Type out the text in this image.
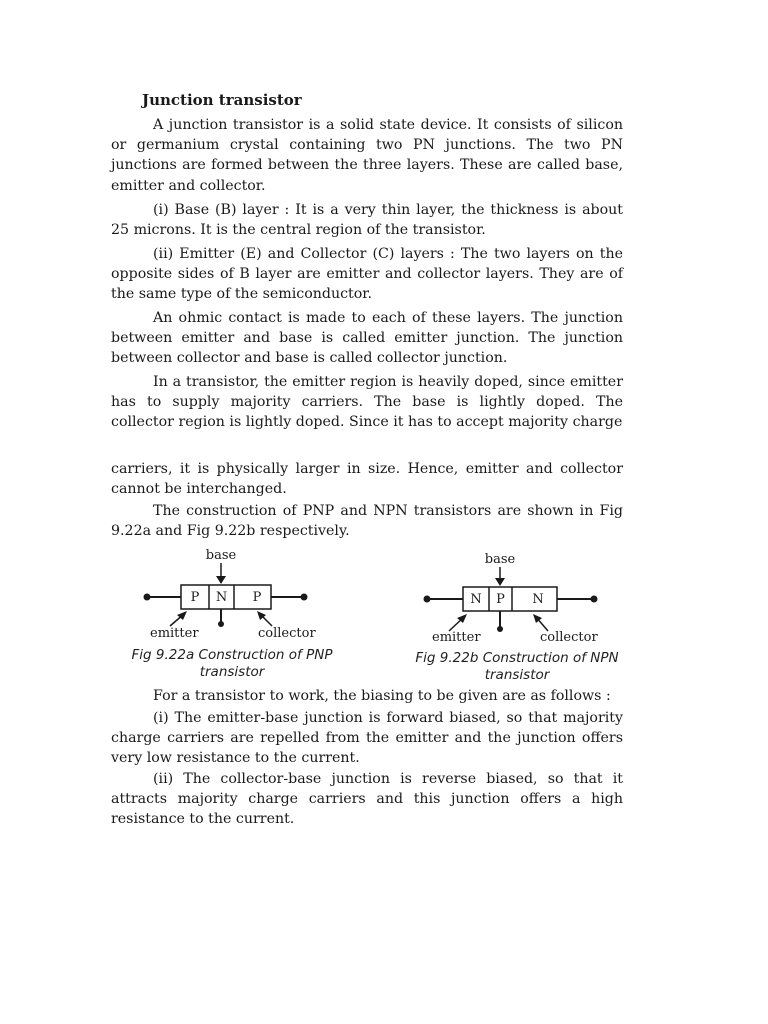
Junction transistor

A junction transistor is a solid state device. It consists of silicon or germanium crystal containing two PN junctions. The two PN junctions are formed between the three layers. These are called base, emitter and collector.

(i) Base (B) layer : It is a very thin layer, the thickness is about 25 microns. It is the central region of the transistor.

(ii) Emitter (E) and Collector (C) layers : The two layers on the opposite sides of B layer are emitter and collector layers. They are of the same type of the semiconductor.

An ohmic contact is made to each of these layers. The junction between emitter and base is called emitter junction. The junction between collector and base is called collector junction.

In a transistor, the emitter region is heavily doped, since emitter has to supply majority carriers. The base is lightly doped. The collector region is lightly doped. Since it has to accept majority charge

carriers, it is physically larger in size. Hence, emitter and collector cannot be interchanged.

The construction of PNP and NPN transistors are shown in Fig 9.22a and Fig 9.22b respectively.

P N P
base
emitter	collector
Fig 9.22a Construction of PNP transistor
N P N
base
emitter	collector
Fig 9.22b Construction of NPN transistor

For a transistor to work, the biasing to be given are as follows :

(i) The emitter-base junction is forward biased, so that majority charge carriers are repelled from the emitter and the junction offers very low resistance to the current.

(ii) The collector-base junction is reverse biased, so that it attracts majority charge carriers and this junction offers a high resistance to the current.
